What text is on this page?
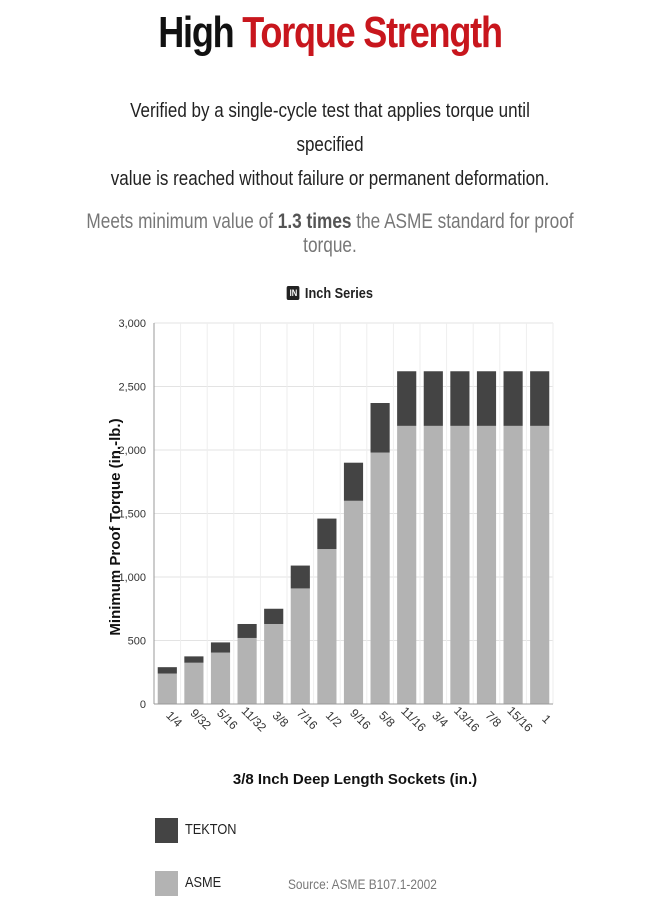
High Torque Strength
Verified by a single-cycle test that applies torque until specified
value is reached without failure or permanent deformation.
Meets minimum value of 1.3 times the ASME standard for proof torque.
IN Inch Series
0
500
1,000
1,500
2,000
2,500
3,000
1/4 9/32 5/16
11/32 3/8 7/16 1/2 9/16 5/8 11/16 3/4 13/16 7/8 15/16 1
Minimum Proof Torque (in.-lb.)
3/8 Inch Deep Length Sockets (in.)
TEKTON
ASME	Source: ASME B107.1-2002
